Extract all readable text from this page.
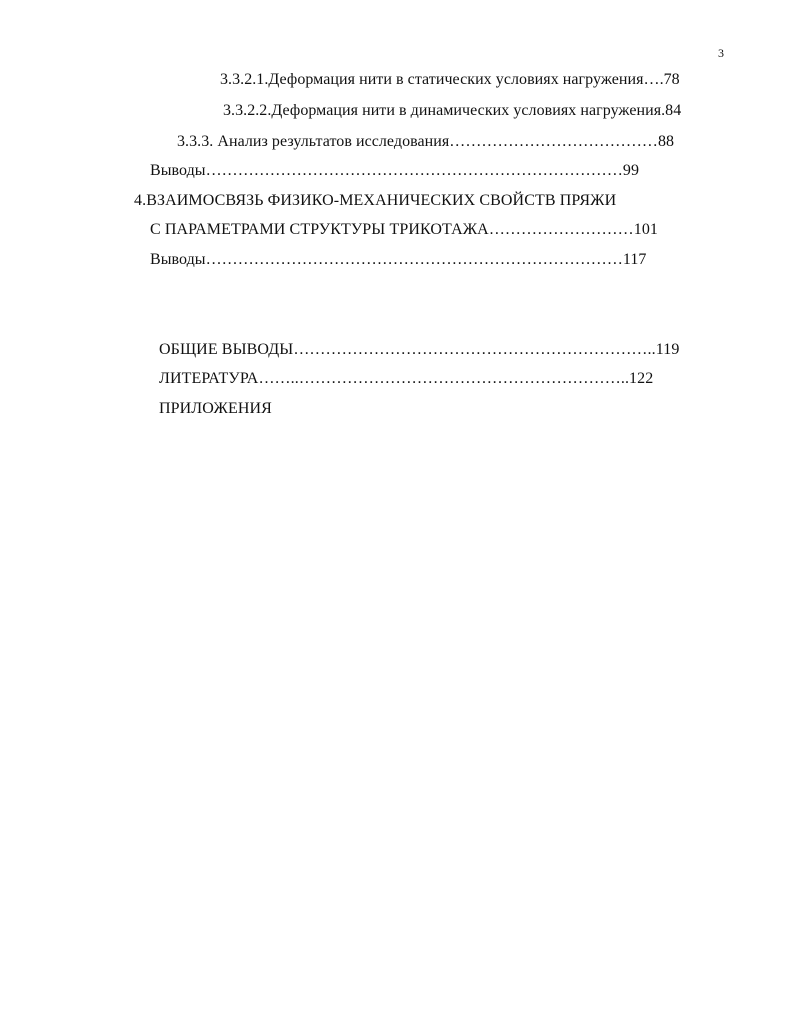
3
3.3.2.1.Деформация нити в статических условиях нагружения….78
3.3.2.2.Деформация нити в динамических условиях нагружения.84
3.3.3. Анализ результатов исследования…………………………………88
Выводы……………………………………………………………………99
4.ВЗАИМОСВЯЗЬ ФИЗИКО-МЕХАНИЧЕСКИХ СВОЙСТВ ПРЯЖИ
С ПАРАМЕТРАМИ СТРУКТУРЫ ТРИКОТАЖА………………………101
Выводы……………………………………………………………………117
ОБЩИЕ ВЫВОДЫ…………………………………………………………..119
ЛИТЕРАТУРА……..……………………………………………………..122
ПРИЛОЖЕНИЯ
